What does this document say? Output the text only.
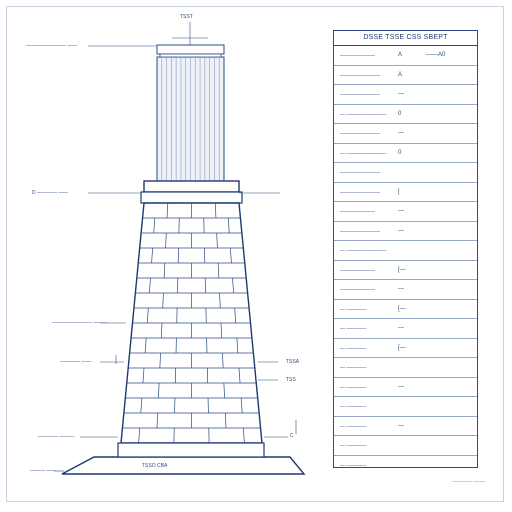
TSST
———————— ——
D ———— ——
———————— ———
———— ——
———— ———
——— ——
TSSA
TSS
C
TSSO CBA
DSSE TSSE CSS SBEPT
———————	A	——A0
————————	A
————————	—
— ———————— 0
————————	—
— ———————— 0
————————
————————	[
———————	—
————————	—
— ————————
———————	[—
———————	—
— ————	[—
— ————	—
— ————	[—
— ————
— ————	—
— ————
— ————	—
— ————
— ————
————— ———
